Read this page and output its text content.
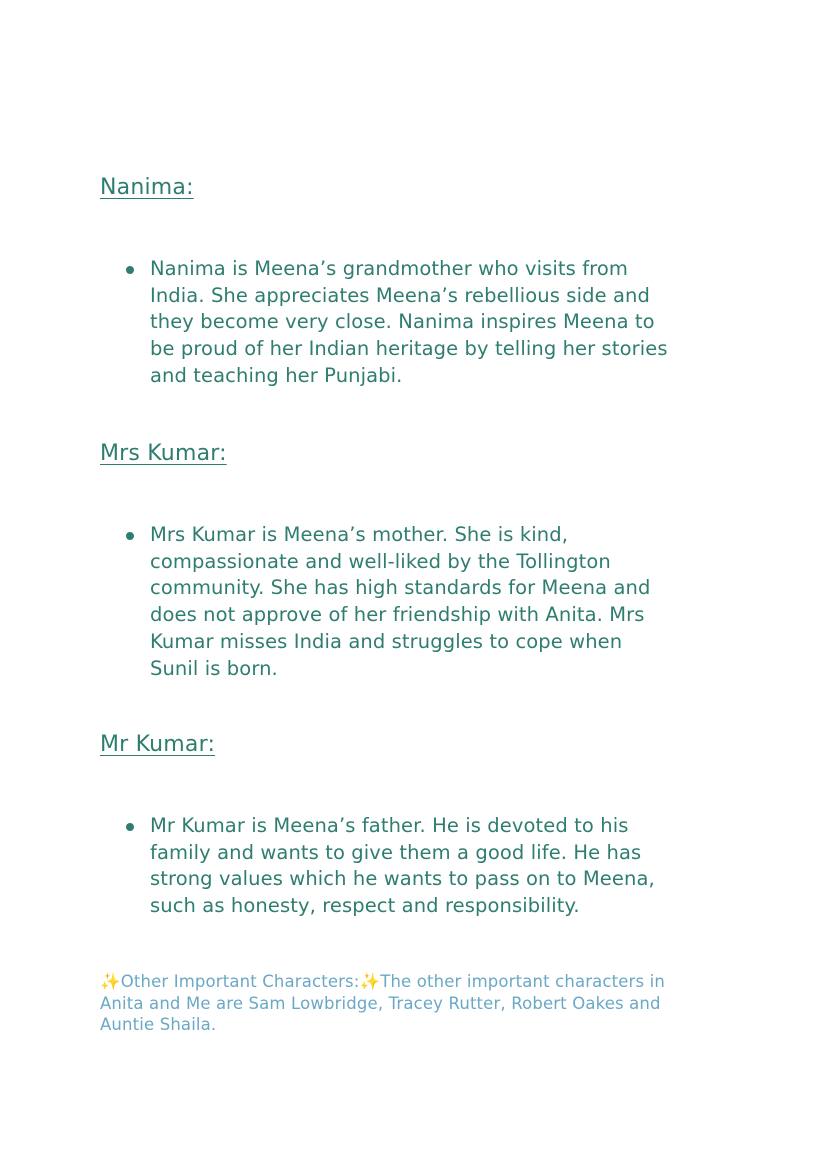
Nanima:
Nanima is Meena’s grandmother who visits from
India. She appreciates Meena’s rebellious side and
they become very close. Nanima inspires Meena to
be proud of her Indian heritage by telling her stories
and teaching her Punjabi.
Mrs Kumar:
Mrs Kumar is Meena’s mother. She is kind,
compassionate and well-liked by the Tollington
community. She has high standards for Meena and
does not approve of her friendship with Anita. Mrs
Kumar misses India and struggles to cope when
Sunil is born.
Mr Kumar:
Mr Kumar is Meena’s father. He is devoted to his
family and wants to give them a good life. He has
strong values which he wants to pass on to Meena,
such as honesty, respect and responsibility.
✨Other Important Characters:✨The other important characters in
Anita and Me are Sam Lowbridge, Tracey Rutter, Robert Oakes and
Auntie Shaila.
